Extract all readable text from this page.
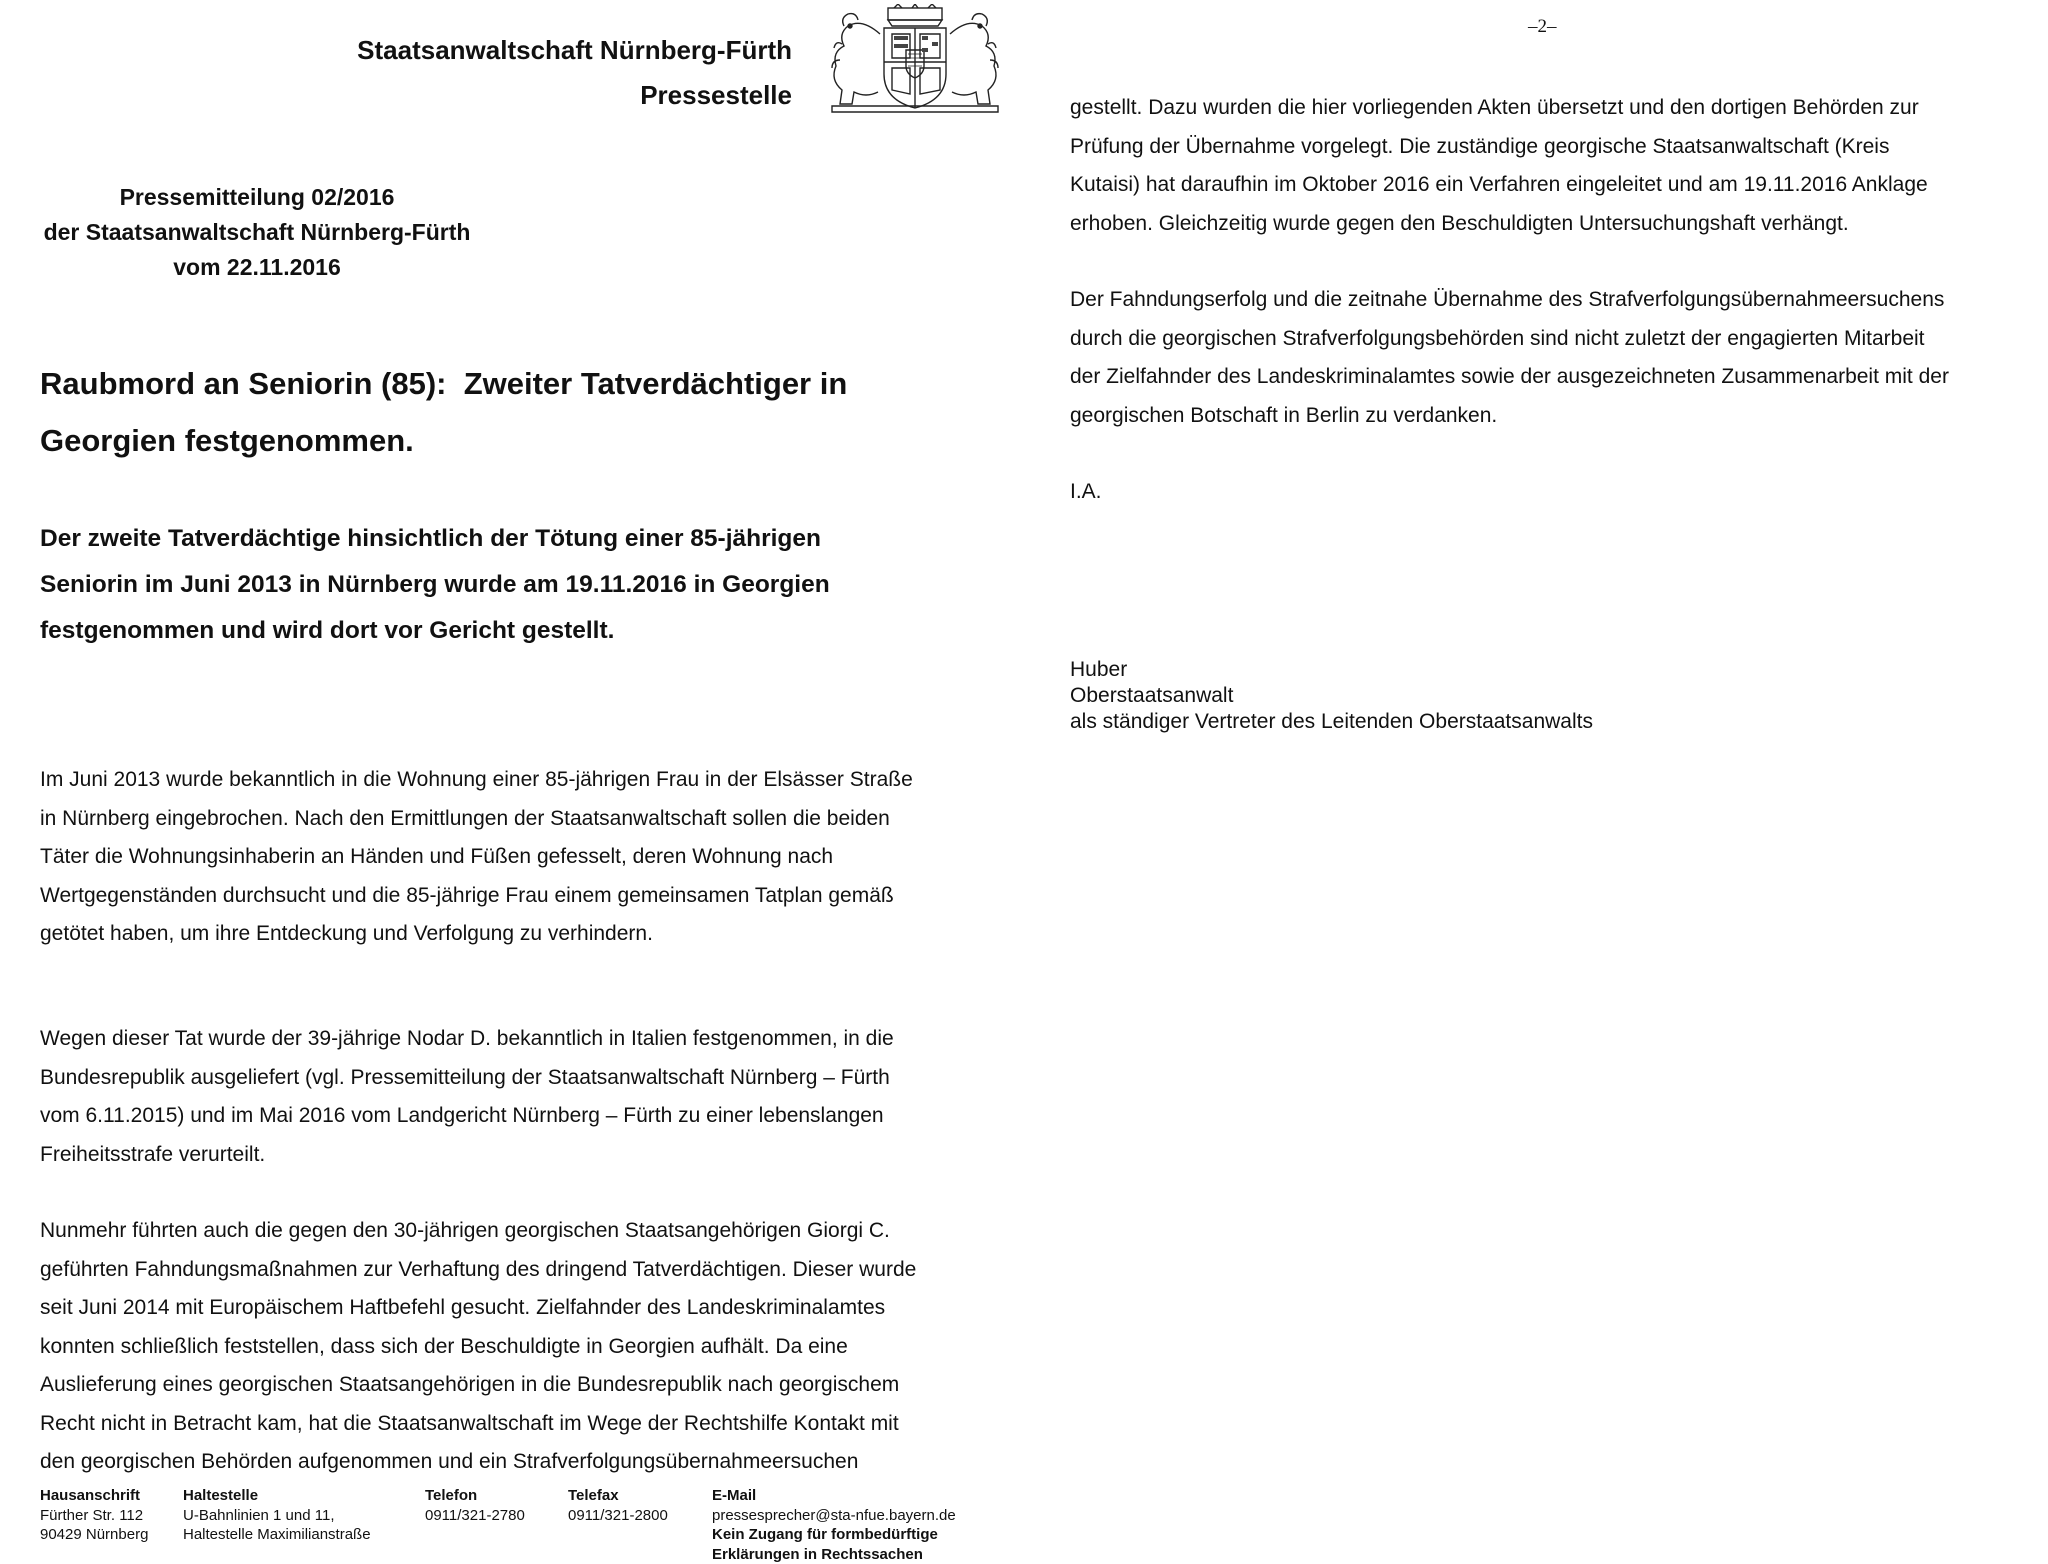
Staatsanwaltschaft Nürnberg-Fürth
Pressestelle
Pressemitteilung 02/2016
der Staatsanwaltschaft Nürnberg-Fürth
vom 22.11.2016
Raubmord an Seniorin (85):  Zweiter Tatverdächtiger in
Georgien festgenommen.
Der zweite Tatverdächtige hinsichtlich der Tötung einer 85-jährigen
Seniorin im Juni 2013 in Nürnberg wurde am 19.11.2016 in Georgien
festgenommen und wird dort vor Gericht gestellt.
Im Juni 2013 wurde bekanntlich in die Wohnung einer 85-jährigen Frau in der Elsässer Straße
in Nürnberg eingebrochen. Nach den Ermittlungen der Staatsanwaltschaft sollen die beiden
Täter die Wohnungsinhaberin an Händen und Füßen gefesselt, deren Wohnung nach
Wertgegenständen durchsucht und die 85-jährige Frau einem gemeinsamen Tatplan gemäß
getötet haben, um ihre Entdeckung und Verfolgung zu verhindern.
Wegen dieser Tat wurde der 39-jährige Nodar D. bekanntlich in Italien festgenommen, in die
Bundesrepublik ausgeliefert (vgl. Pressemitteilung der Staatsanwaltschaft Nürnberg – Fürth
vom 6.11.2015) und im Mai 2016 vom Landgericht Nürnberg – Fürth zu einer lebenslangen
Freiheitsstrafe verurteilt.
Nunmehr führten auch die gegen den 30-jährigen georgischen Staatsangehörigen Giorgi C.
geführten Fahndungsmaßnahmen zur Verhaftung des dringend Tatverdächtigen. Dieser wurde
seit Juni 2014 mit Europäischem Haftbefehl gesucht. Zielfahnder des Landeskriminalamtes
konnten schließlich feststellen, dass sich der Beschuldigte in Georgien aufhält. Da eine
Auslieferung eines georgischen Staatsangehörigen in die Bundesrepublik nach georgischem
Recht nicht in Betracht kam, hat die Staatsanwaltschaft im Wege der Rechtshilfe Kontakt mit
den georgischen Behörden aufgenommen und ein Strafverfolgungsübernahmeersuchen
Hausanschrift
Fürther Str. 112
90429 Nürnberg
Haltestelle
U-Bahnlinien 1 und 11,
Haltestelle Maximilianstraße
Telefon
0911/321-2780
Telefax
0911/321-2800
E-Mail
pressesprecher@sta-nfue.bayern.de
Kein Zugang für formbedürftige
Erklärungen in Rechtssachen
–2–
gestellt. Dazu wurden die hier vorliegenden Akten übersetzt und den dortigen Behörden zur
Prüfung der Übernahme vorgelegt. Die zuständige georgische Staatsanwaltschaft (Kreis
Kutaisi) hat daraufhin im Oktober 2016 ein Verfahren eingeleitet und am 19.11.2016 Anklage
erhoben. Gleichzeitig wurde gegen den Beschuldigten Untersuchungshaft verhängt.
Der Fahndungserfolg und die zeitnahe Übernahme des Strafverfolgungsübernahmeersuchens
durch die georgischen Strafverfolgungsbehörden sind nicht zuletzt der engagierten Mitarbeit
der Zielfahnder des Landeskriminalamtes sowie der ausgezeichneten Zusammenarbeit mit der
georgischen Botschaft in Berlin zu verdanken.
I.A.
Huber
Oberstaatsanwalt
als ständiger Vertreter des Leitenden Oberstaatsanwalts
